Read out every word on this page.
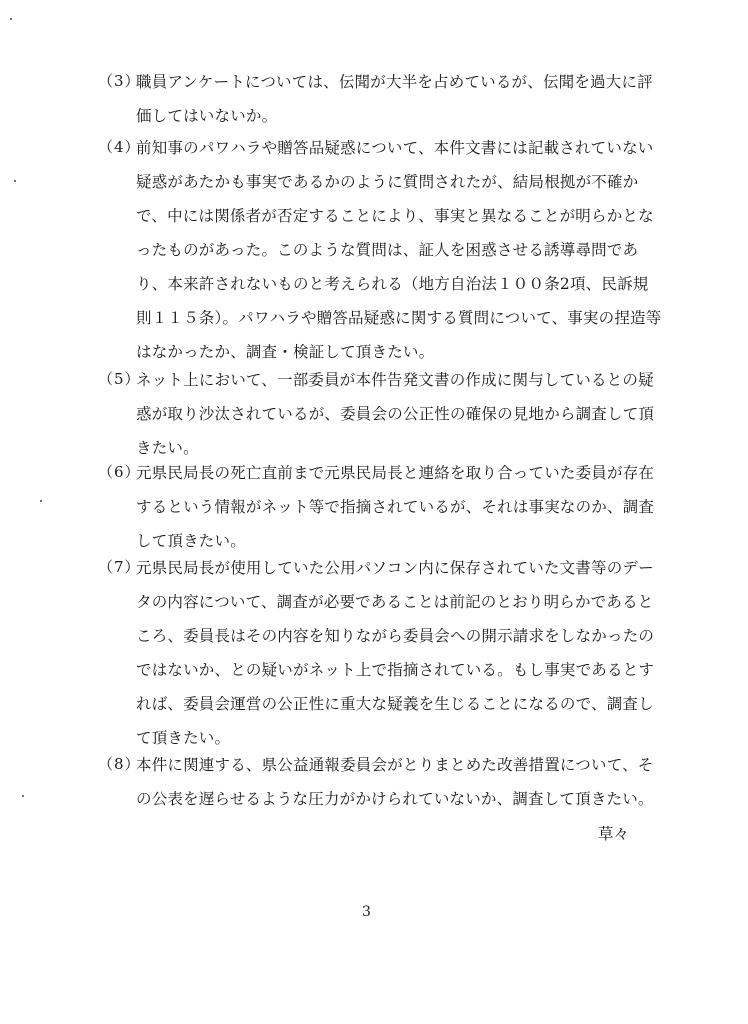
（3）
職員アンケートについては、伝聞が大半を占めているが、伝聞を過大に評
価してはいないか。
（4）
前知事のパワハラや贈答品疑惑について、本件文書には記載されていない
疑惑があたかも事実であるかのように質問されたが、結局根拠が不確か
で、中には関係者が否定することにより、事実と異なることが明らかとな
ったものがあった。このような質問は、証人を困惑させる誘導尋問であ
り、本来許されないものと考えられる（地方自治法１００条2項、民訴規
則１１５条）。パワハラや贈答品疑惑に関する質問について、事実の捏造等
はなかったか、調査・検証して頂きたい。
（5）
ネット上において、一部委員が本件告発文書の作成に関与しているとの疑
惑が取り沙汰されているが、委員会の公正性の確保の見地から調査して頂
きたい。
（6）
元県民局長の死亡直前まで元県民局長と連絡を取り合っていた委員が存在
するという情報がネット等で指摘されているが、それは事実なのか、調査
して頂きたい。
（7）
元県民局長が使用していた公用パソコン内に保存されていた文書等のデー
タの内容について、調査が必要であることは前記のとおり明らかであると
ころ、委員長はその内容を知りながら委員会への開示請求をしなかったの
ではないか、との疑いがネット上で指摘されている。もし事実であるとす
れば、委員会運営の公正性に重大な疑義を生じることになるので、調査し
て頂きたい。
（8）
本件に関連する、県公益通報委員会がとりまとめた改善措置について、そ
の公表を遅らせるような圧力がかけられていないか、調査して頂きたい。
草々
3
